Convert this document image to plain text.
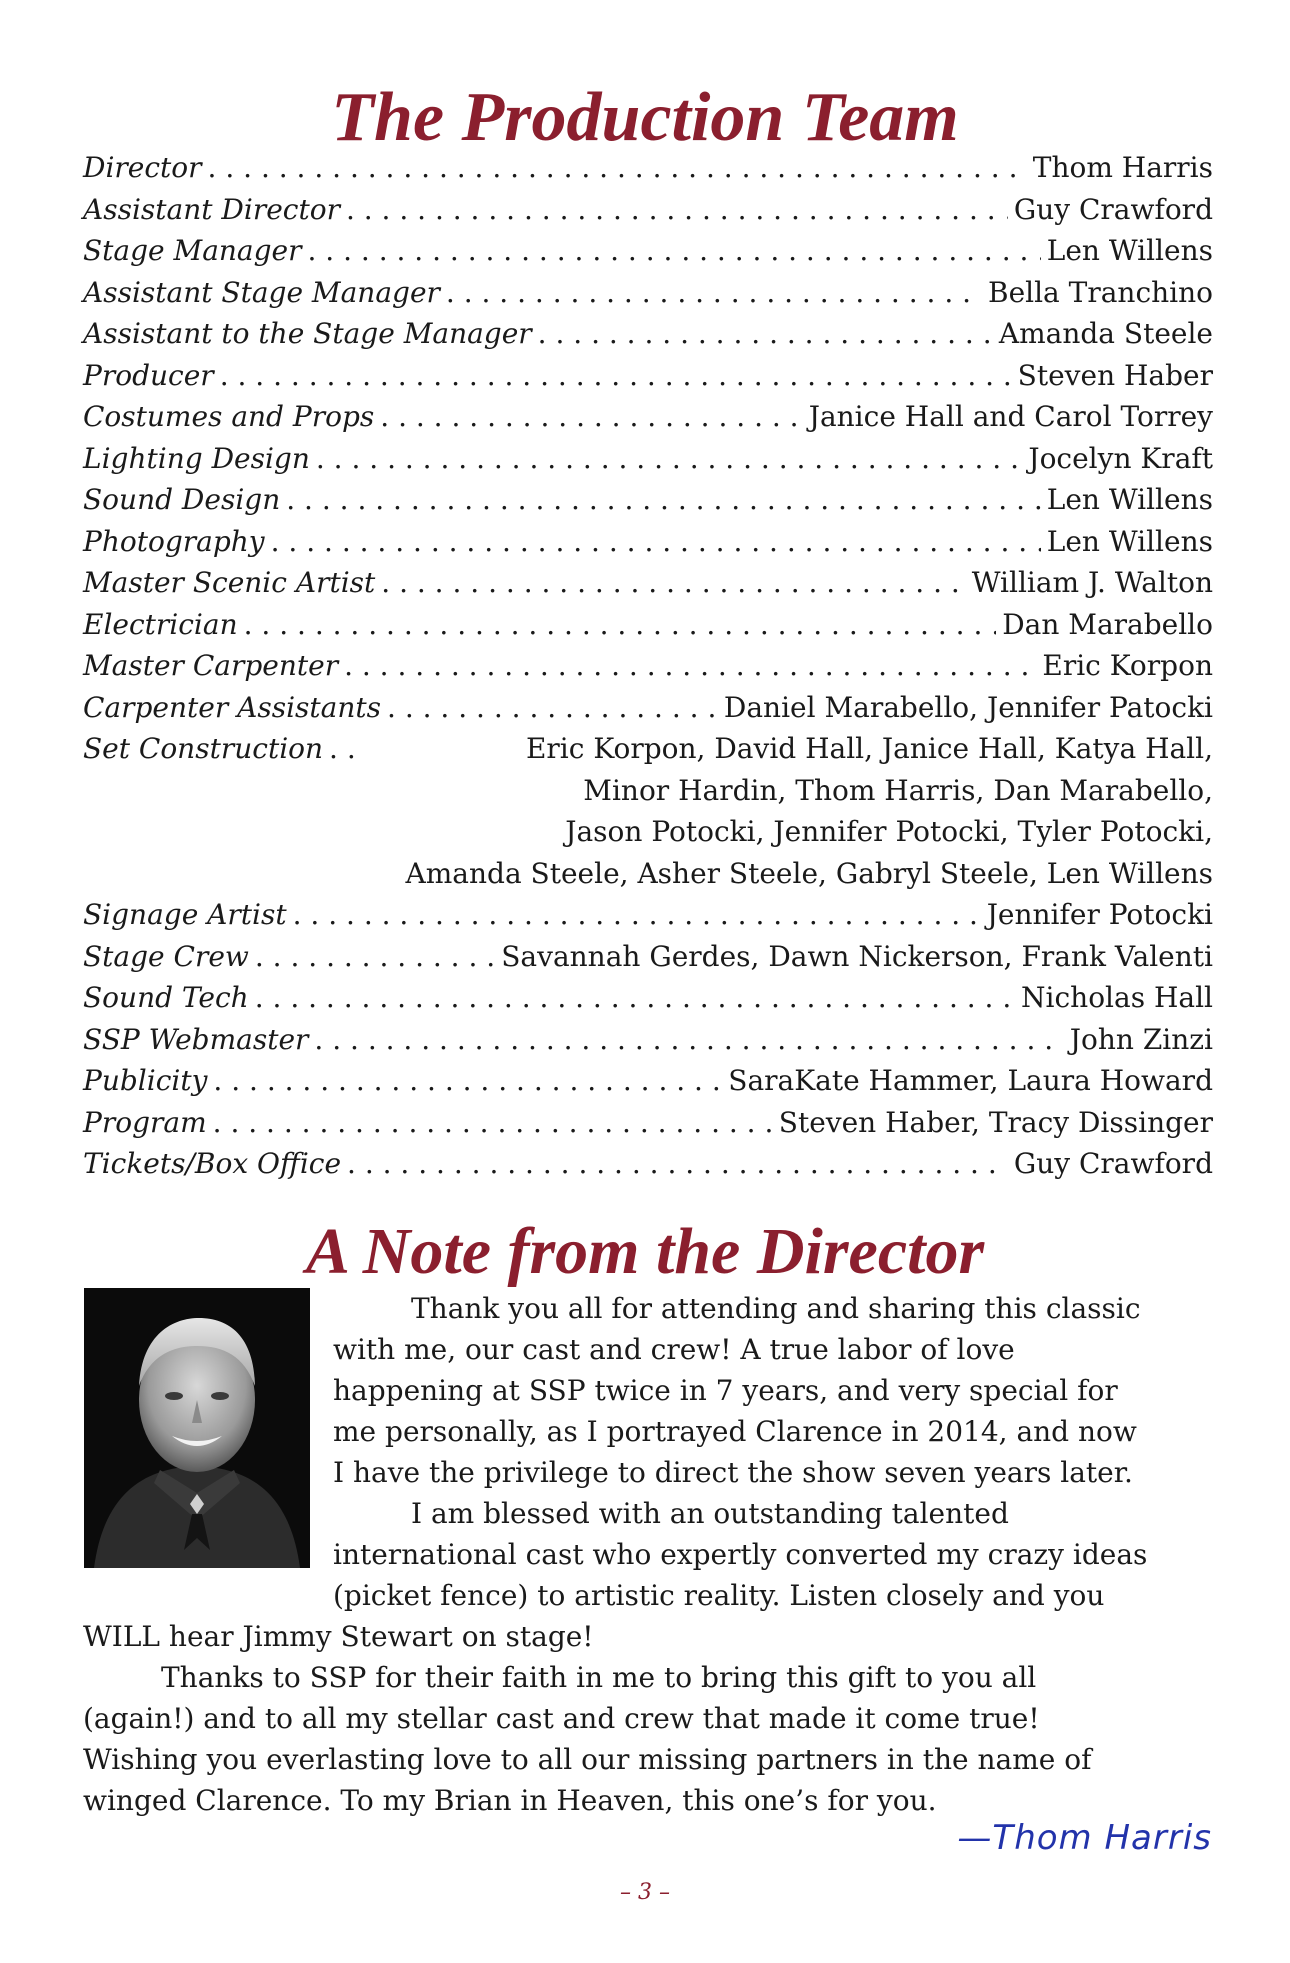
The Production Team
Director . . .	Thom Harris
Assistant Director . . .	Guy Crawford
Stage Manager . . .	Len Willens
Assistant Stage Manager . . .	Bella Tranchino
Assistant to the Stage Manager . . .	Amanda Steele
Producer . . .	Steven Haber
Costumes and Props . . .	Janice Hall and Carol Torrey
Lighting Design . . .	Jocelyn Kraft
Sound Design . . .	Len Willens
Photography . . .	Len Willens
Master Scenic Artist . . .	William J. Walton
Electrician . . .	Dan Marabello
Master Carpenter . . .	Eric Korpon
Carpenter Assistants . . .	Daniel Marabello, Jennifer Patocki
Set Construction . . .	Eric Korpon, David Hall, Janice Hall, Katya Hall,
Minor Hardin, Thom Harris, Dan Marabello,
Jason Potocki, Jennifer Potocki, Tyler Potocki,
Amanda Steele, Asher Steele, Gabryl Steele, Len Willens
Signage Artist . . .	Jennifer Potocki
Stage Crew . . .	Savannah Gerdes, Dawn Nickerson, Frank Valenti
Sound Tech . . .	Nicholas Hall
SSP Webmaster . . .	John Zinzi
Publicity . . .	SaraKate Hammer, Laura Howard
Program . . .	Steven Haber, Tracy Dissinger
Tickets/Box Office . . .	Guy Crawford
A Note from the Director
Thank you all for attending and sharing this classic
with me, our cast and crew! A true labor of love
happening at SSP twice in 7 years, and very special for
me personally, as I portrayed Clarence in 2014, and now
I have the privilege to direct the show seven years later.
I am blessed with an outstanding talented
international cast who expertly converted my crazy ideas
(picket fence) to artistic reality. Listen closely and you
WILL hear Jimmy Stewart on stage!
Thanks to SSP for their faith in me to bring this gift to you all
(again!) and to all my stellar cast and crew that made it come true!
Wishing you everlasting love to all our missing partners in the name of
winged Clarence. To my Brian in Heaven, this one’s for you.
—Thom Harris
– 3 –
